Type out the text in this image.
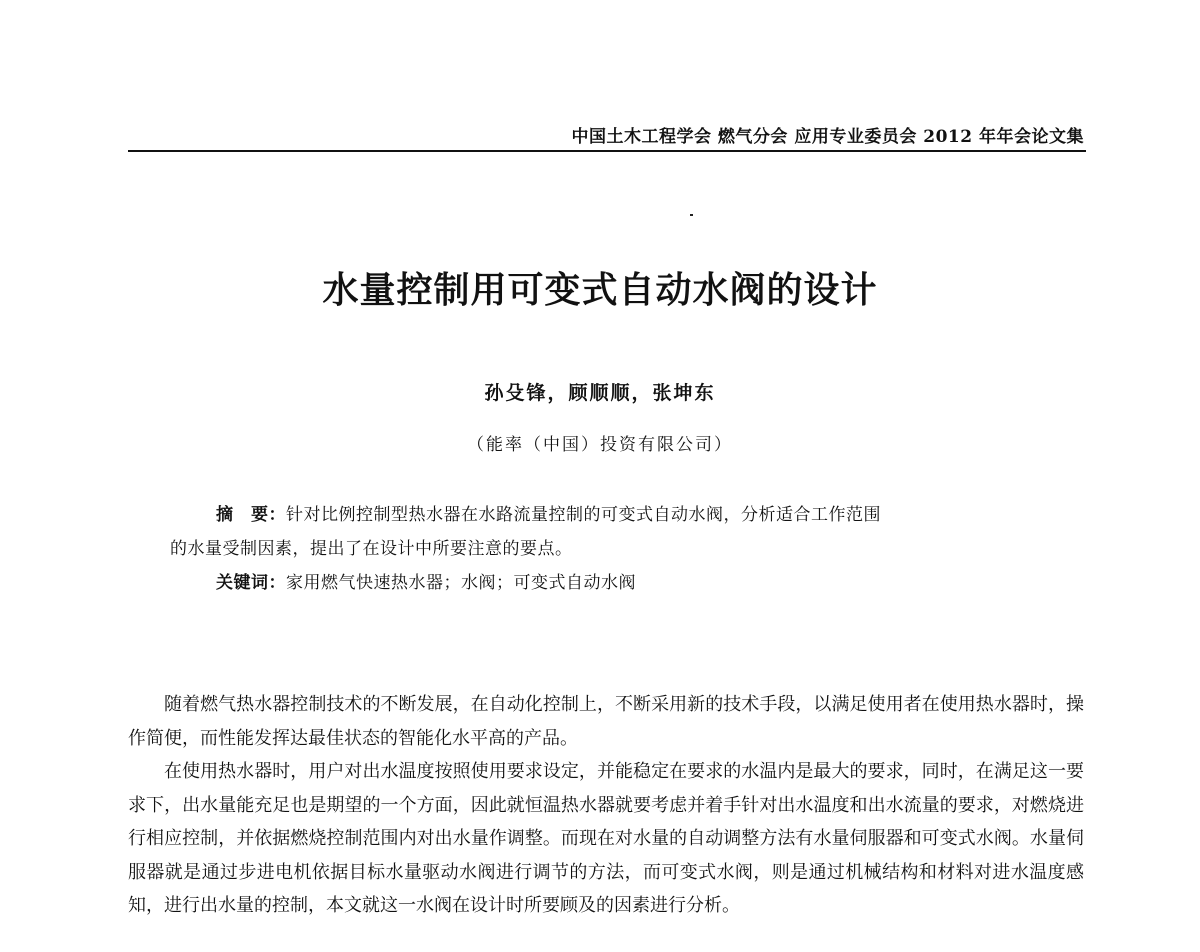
中国土木工程学会 燃气分会 应用专业委员会 2012 年年会论文集
水量控制用可变式自动水阀的设计
孙殳锋，顾顺顺，张坤东
（能率（中国）投资有限公司）
摘　要：针对比例控制型热水器在水路流量控制的可变式自动水阀，分析适合工作范围
的水量受制因素，提出了在设计中所要注意的要点。
关键词：家用燃气快速热水器；水阀；可变式自动水阀

随着燃气热水器控制技术的不断发展，在自动化控制上，不断采用新的技术手段，以满足使用者在使用热水器时，操作简便，而性能发挥达最佳状态的智能化水平高的产品。

在使用热水器时，用户对出水温度按照使用要求设定，并能稳定在要求的水温内是最大的要求，同时，在满足这一要求下，出水量能充足也是期望的一个方面，因此就恒温热水器就要考虑并着手针对出水温度和出水流量的要求，对燃烧进行相应控制，并依据燃烧控制范围内对出水量作调整。而现在对水量的自动调整方法有水量伺服器和可变式水阀。水量伺服器就是通过步进电机依据目标水量驱动水阀进行调节的方法，而可变式水阀，则是通过机械结构和材料对进水温度感知，进行出水量的控制，本文就这一水阀在设计时所要顾及的因素进行分析。
